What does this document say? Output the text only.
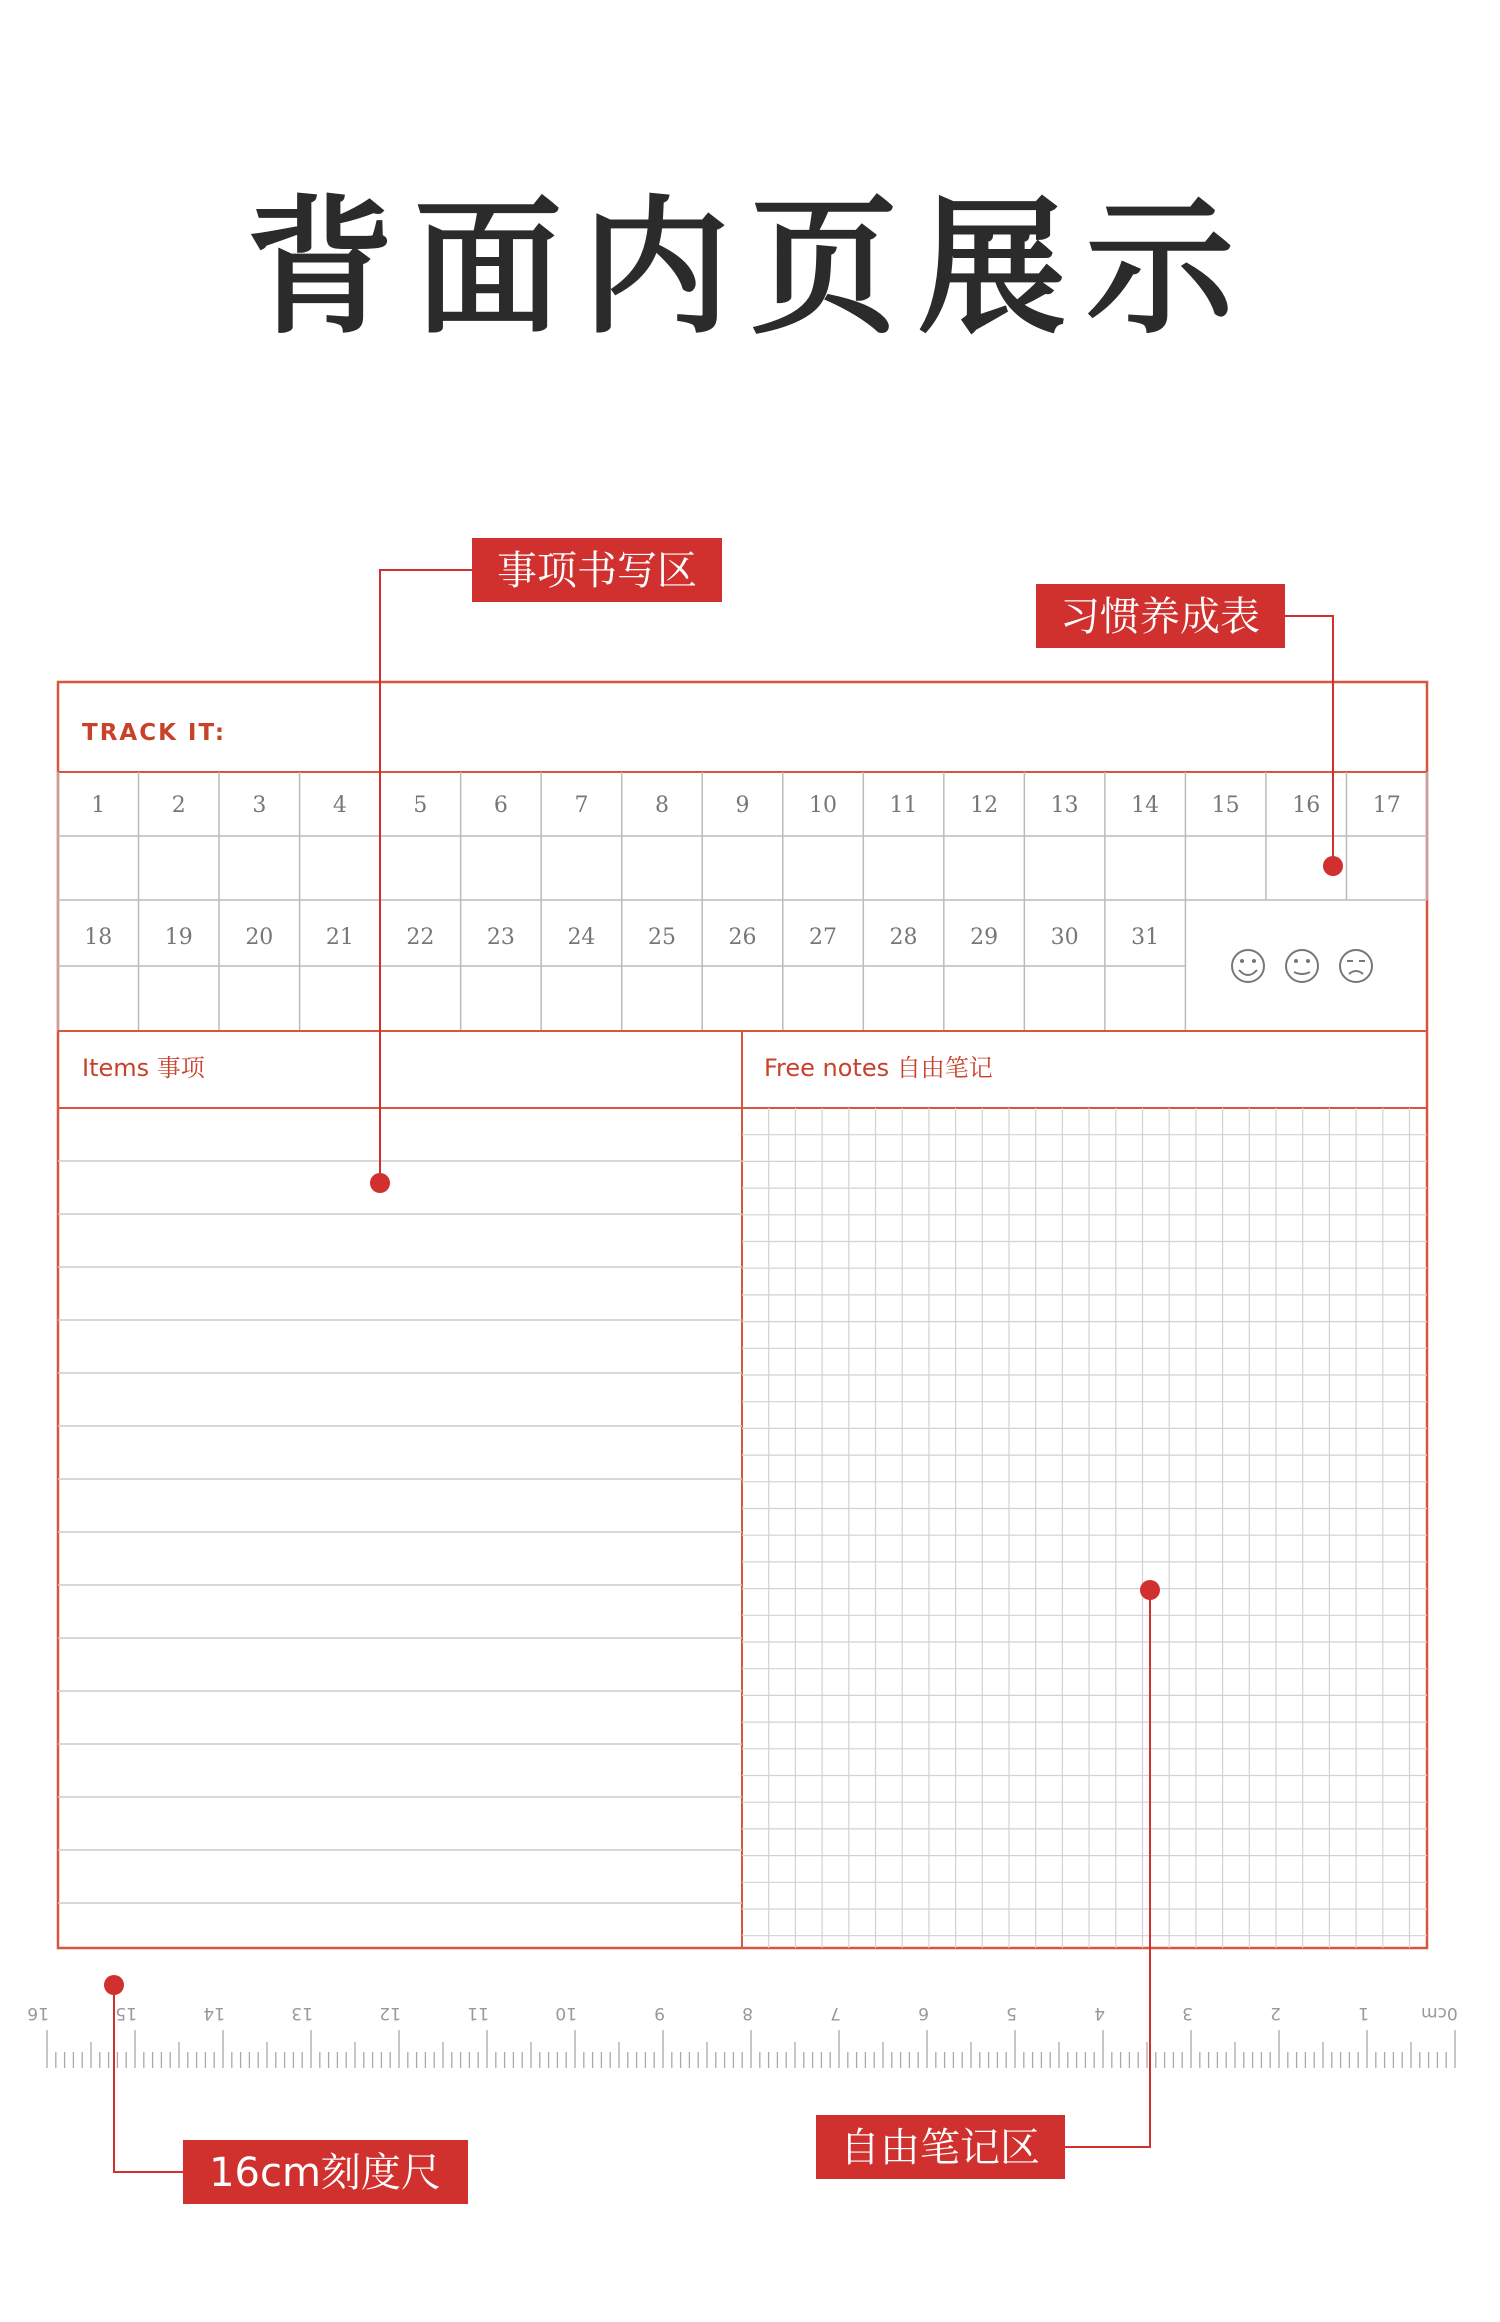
背面内页展示
TRACK IT:
1	2	3	4	5	6	7	8	9	10 11 12 13 14 15 16 17
18 19 20 21 22 23 24 25 26 27 28 29 30 31
Items 事项	Free notes 自由笔记
0cm
1
2
3
4
5
6
7
8
9
10
11
12
13
14
15
16
事项书写区
习惯养成表
自由笔记区
16cm刻度尺
